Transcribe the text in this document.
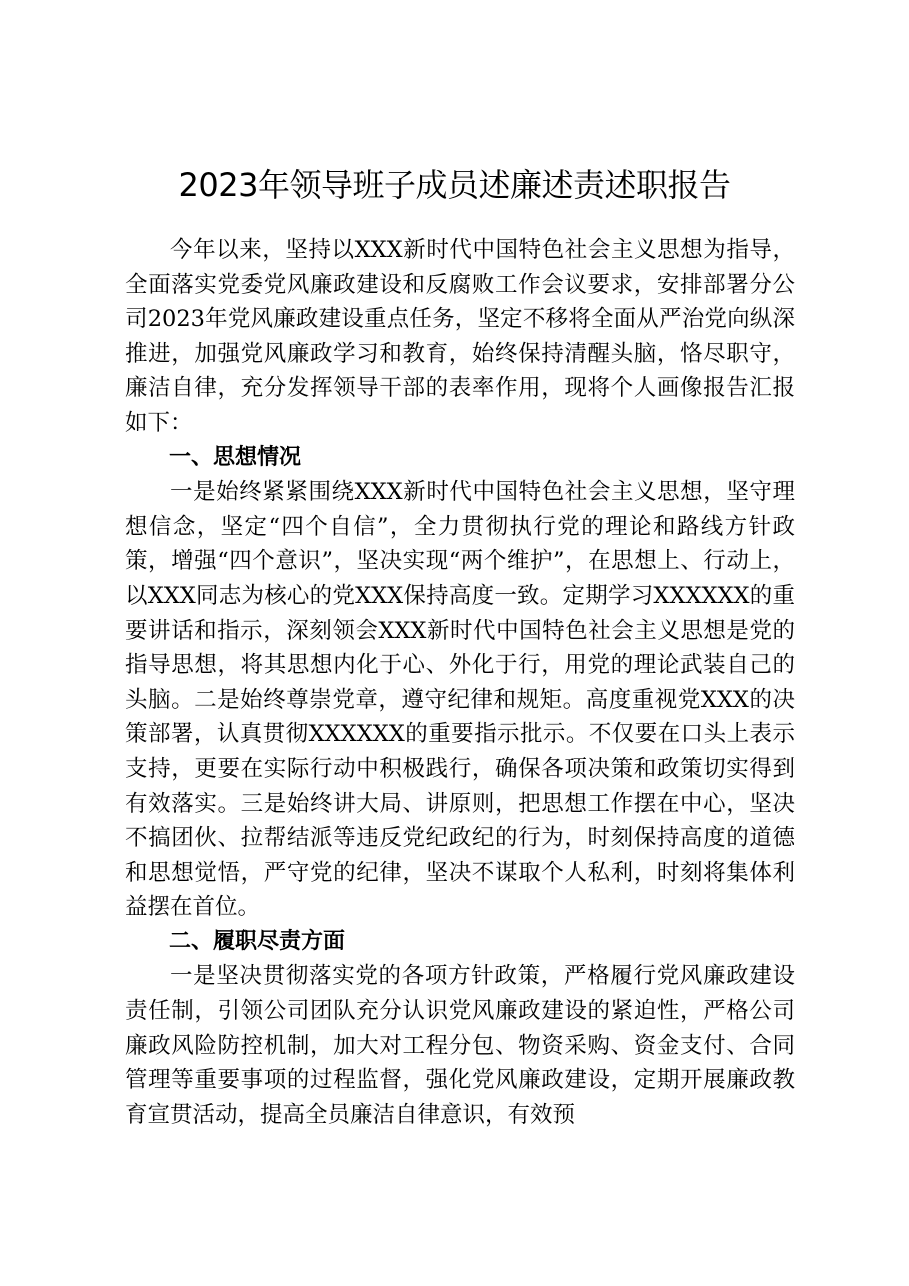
2023年领导班子成员述廉述责述职报告

今年以来，坚持以XXX新时代中国特色社会主义思想为指导，全面落实党委党风廉政建设和反腐败工作会议要求，安排部署分公司2023年党风廉政建设重点任务，坚定不移将全面从严治党向纵深推进，加强党风廉政学习和教育，始终保持清醒头脑，恪尽职守，廉洁自律，充分发挥领导干部的表率作用，现将个人画像报告汇报如下：

一、思想情况

一是始终紧紧围绕XXX新时代中国特色社会主义思想，坚守理想信念，坚定“四个自信”，全力贯彻执行党的理论和路线方针政策，增强“四个意识”，坚决实现“两个维护”，在思想上、行动上，以XXX同志为核心的党XXX保持高度一致。定期学习XXXXXX的重要讲话和指示，深刻领会XXX新时代中国特色社会主义思想是党的指导思想，将其思想内化于心、外化于行，用党的理论武装自己的头脑。二是始终尊崇党章，遵守纪律和规矩。高度重视党XXX的决策部署，认真贯彻XXXXXX的重要指示批示。不仅要在口头上表示支持，更要在实际行动中积极践行，确保各项决策和政策切实得到有效落实。三是始终讲大局、讲原则，把思想工作摆在中心，坚决不搞团伙、拉帮结派等违反党纪政纪的行为，时刻保持高度的道德和思想觉悟，严守党的纪律，坚决不谋取个人私利，时刻将集体利益摆在首位。

二、履职尽责方面

一是坚决贯彻落实党的各项方针政策，严格履行党风廉政建设责任制，引领公司团队充分认识党风廉政建设的紧迫性，严格公司廉政风险防控机制，加大对工程分包、物资采购、资金支付、合同管理等重要事项的过程监督，强化党风廉政建设，定期开展廉政教育宣贯活动，提高全员廉洁自律意识，有效预
